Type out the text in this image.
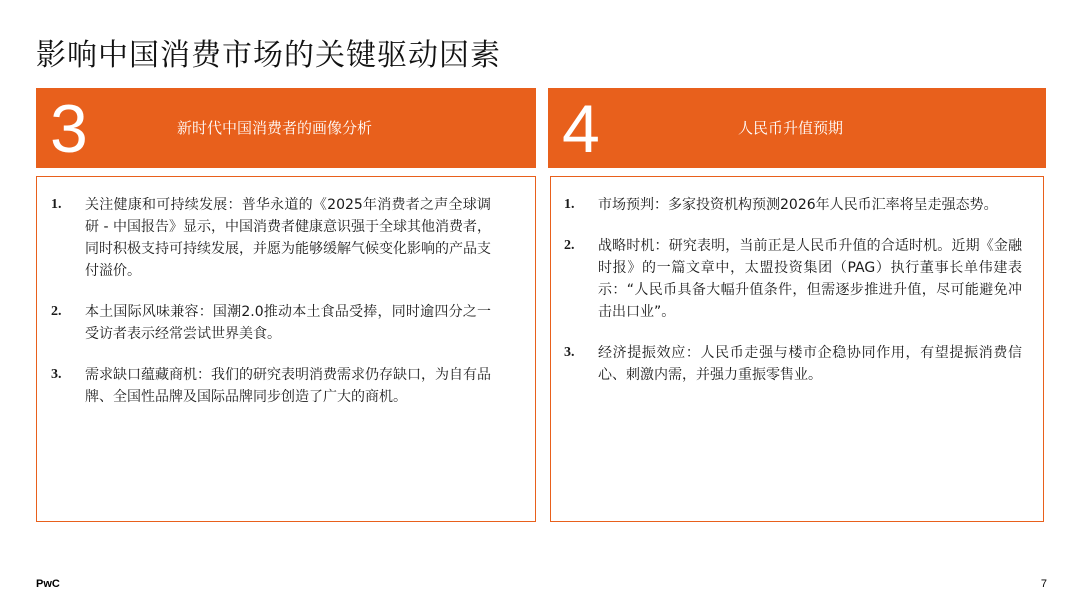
影响中国消费市场的关键驱动因素
3	新时代中国消费者的画像分析
1. 关注健康和可持续发展：普华永道的《2025年消费者之声全球调研 - 中国报告》显示，中国消费者健康意识强于全球其他消费者，同时积极支持可持续发展，并愿为能够缓解气候变化影响的产品支付溢价。
2. 本土国际风味兼容：国潮2.0推动本土食品受捧，同时逾四分之一受访者表示经常尝试世界美食。
3. 需求缺口蕴藏商机：我们的研究表明消费需求仍存缺口，为自有品牌、全国性品牌及国际品牌同步创造了广大的商机。
4	人民币升值预期
1. 市场预判：多家投资机构预测2026年人民币汇率将呈走强态势。
2. 战略时机：研究表明，当前正是人民币升值的合适时机。近期《金融时报》的一篇文章中，太盟投资集团（PAG）执行董事长单伟建表示：“人民币具备大幅升值条件，但需逐步推进升值，尽可能避免冲击出口业”。
3. 经济提振效应：人民币走强与楼市企稳协同作用，有望提振消费信心、刺激内需，并强力重振零售业。
PwC	7
